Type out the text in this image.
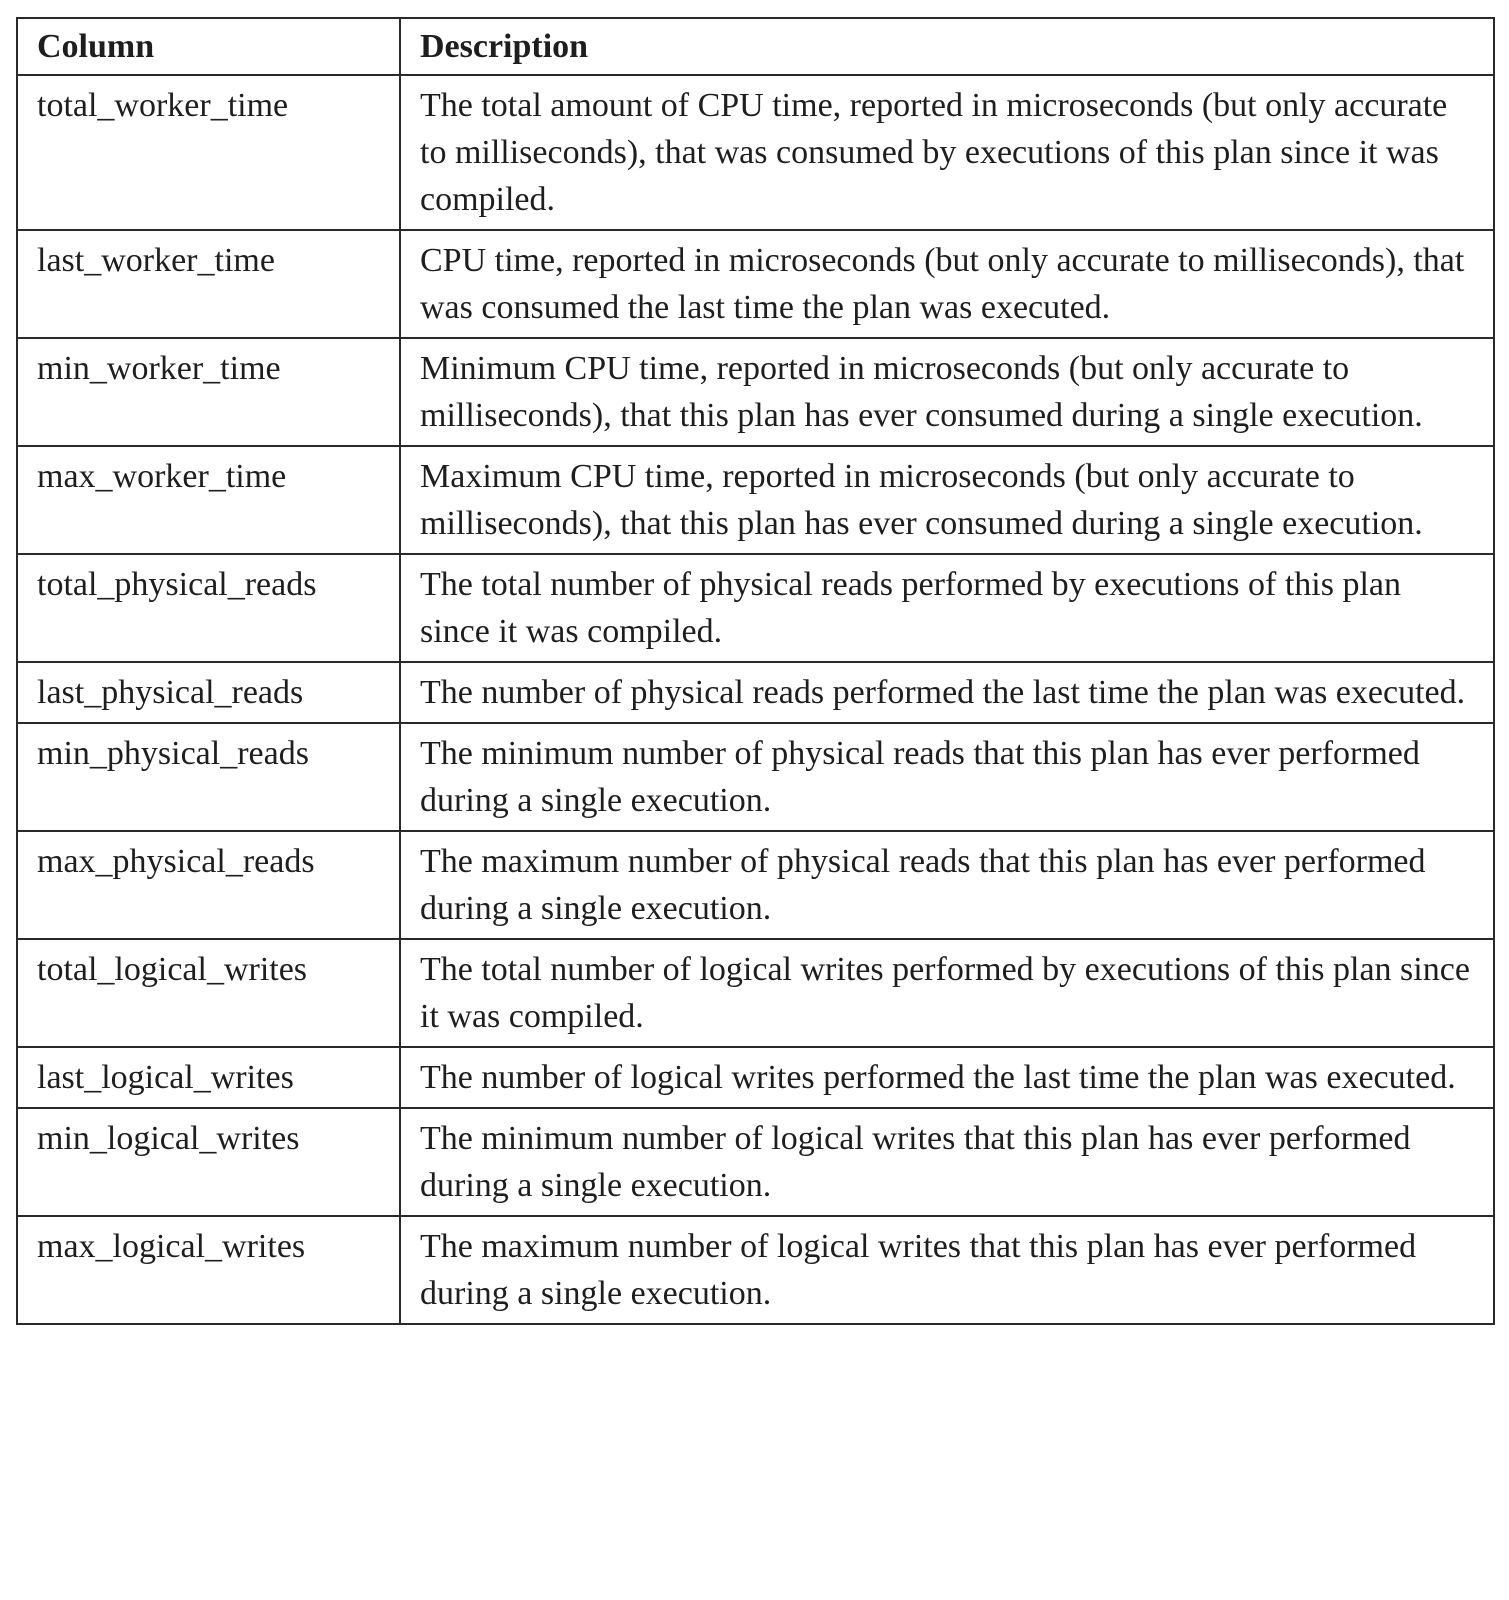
Column	Description
total_worker_time	The total amount of CPU time, reported in microseconds (but only accurate to milliseconds), that was consumed by executions of this plan since it was compiled.
last_worker_time	CPU time, reported in microseconds (but only accurate to milliseconds), that was consumed the last time the plan was executed.
min_worker_time	Minimum CPU time, reported in microseconds (but only accurate to milliseconds), that this plan has ever consumed during a single execution.
max_worker_time	Maximum CPU time, reported in microseconds (but only accurate to milliseconds), that this plan has ever consumed during a single execution.
total_physical_reads	The total number of physical reads performed by executions of this plan since it was compiled.
last_physical_reads	The number of physical reads performed the last time the plan was executed.
min_physical_reads	The minimum number of physical reads that this plan has ever performed during a single execution.
max_physical_reads	The maximum number of physical reads that this plan has ever performed during a single execution.
total_logical_writes	The total number of logical writes performed by executions of this plan since it was compiled.
last_logical_writes	The number of logical writes performed the last time the plan was executed.
min_logical_writes	The minimum number of logical writes that this plan has ever performed during a single execution.
max_logical_writes	The maximum number of logical writes that this plan has ever performed during a single execution.
